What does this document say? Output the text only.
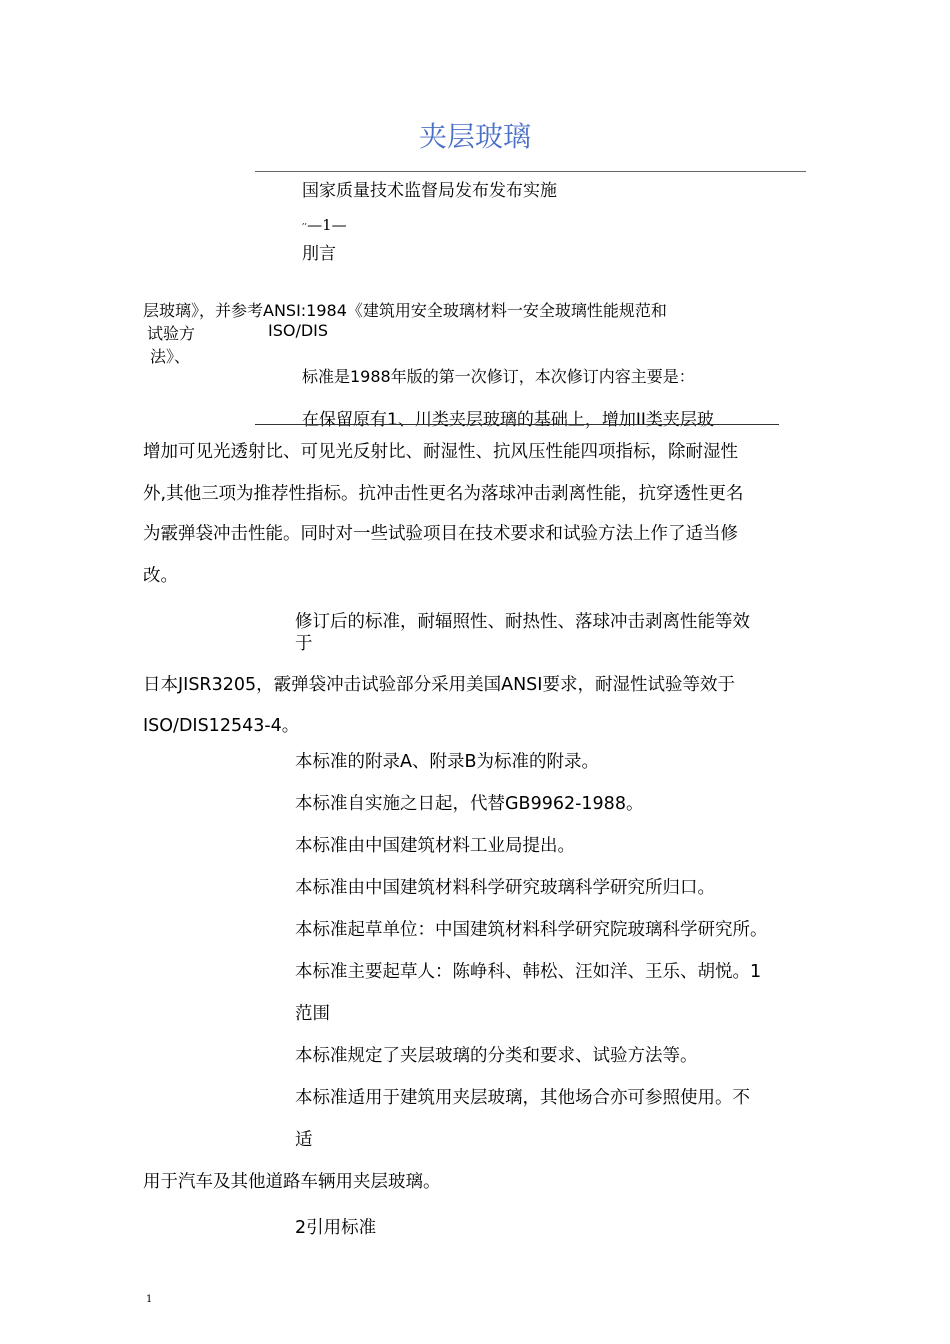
夹层玻璃
国家质量技术监督局发布发布实施
,,—1—
刖言
层玻璃》，并参考ANSI:1984《建筑用安全玻璃材料一安全玻璃性能规范和
试验方	ISO/DIS
法》、
标准是1988年版的第一次修订，本次修订内容主要是：
在保留原有1、川类夹层玻璃的基础上，增加II类夹层玻
增加可见光透射比、可见光反射比、耐湿性、抗风压性能四项指标，除耐湿性
外,其他三项为推荐性指标。抗冲击性更名为落球冲击剥离性能，抗穿透性更名
为霰弹袋冲击性能。同时对一些试验项目在技术要求和试验方法上作了适当修
改。
修订后的标准，耐辐照性、耐热性、落球冲击剥离性能等效
于
日本JISR3205，霰弹袋冲击试验部分采用美国ANSI要求，耐湿性试验等效于
ISO/DIS12543-4。
本标准的附录A、附录B为标准的附录。
本标准自实施之日起，代替GB9962-1988。
本标准由中国建筑材料工业局提出。
本标准由中国建筑材料科学研究玻璃科学研究所归口。
本标准起草单位：中国建筑材料科学研究院玻璃科学研究所。
本标准主要起草人：陈峥科、韩松、汪如洋、王乐、胡悦。1
范围
本标准规定了夹层玻璃的分类和要求、试验方法等。
本标准适用于建筑用夹层玻璃，其他场合亦可参照使用。不
适
用于汽车及其他道路车辆用夹层玻璃。
2引用标准
1
